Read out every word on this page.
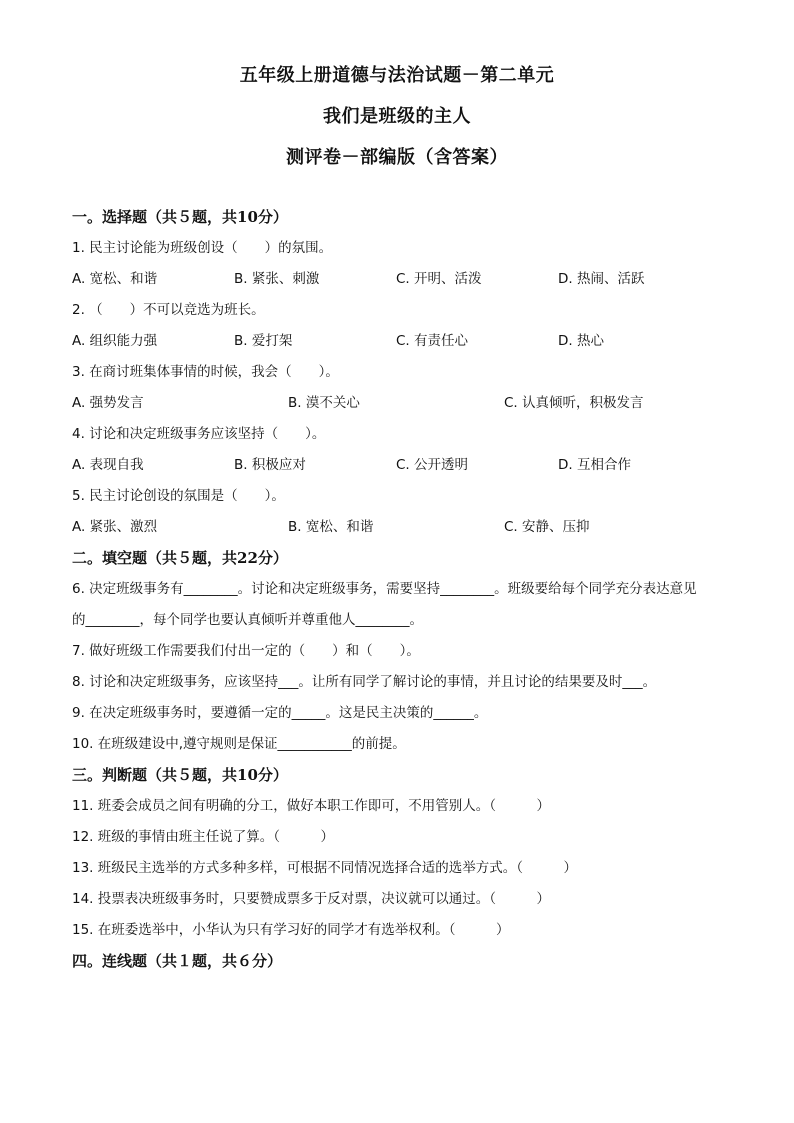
五年级上册道德与法治试题－第二单元
我们是班级的主人
测评卷－部编版（含答案）
一。选择题（共５题，共10分）
1. 民主讨论能为班级创设（　　）的氛围。
A. 宽松、和谐	B. 紧张、刺激	C. 开明、活泼	D. 热闹、活跃
2. （　　）不可以竞选为班长。
A. 组织能力强	B. 爱打架	C. 有责任心	D. 热心
3. 在商讨班集体事情的时候，我会（　　）。
A. 强势发言	B. 漠不关心	C. 认真倾听，积极发言
4. 讨论和决定班级事务应该坚持（　　）。
A. 表现自我	B. 积极应对	C. 公开透明	D. 互相合作
5. 民主讨论创设的氛围是（　　）。
A. 紧张、激烈	B. 宽松、和谐	C. 安静、压抑
二。填空题（共５题，共22分）
6. 决定班级事务有________。讨论和决定班级事务，需要坚持________。班级要给每个同学充分表达意见
的________，每个同学也要认真倾听并尊重他人________。
7. 做好班级工作需要我们付出一定的（　　）和（　　）。
8. 讨论和决定班级事务，应该坚持___。让所有同学了解讨论的事情，并且讨论的结果要及时___。
9. 在决定班级事务时，要遵循一定的_____。这是民主决策的______。
10. 在班级建设中,遵守规则是保证___________的前提。
三。判断题（共５题，共10分）
11. 班委会成员之间有明确的分工，做好本职工作即可，不用管别人。（　　　）
12. 班级的事情由班主任说了算。（　　　）
13. 班级民主选举的方式多种多样，可根据不同情况选择合适的选举方式。（　　　）
14. 投票表决班级事务时，只要赞成票多于反对票，决议就可以通过。（　　　）
15. 在班委选举中，小华认为只有学习好的同学才有选举权利。（　　　）
四。连线题（共１题，共６分）
